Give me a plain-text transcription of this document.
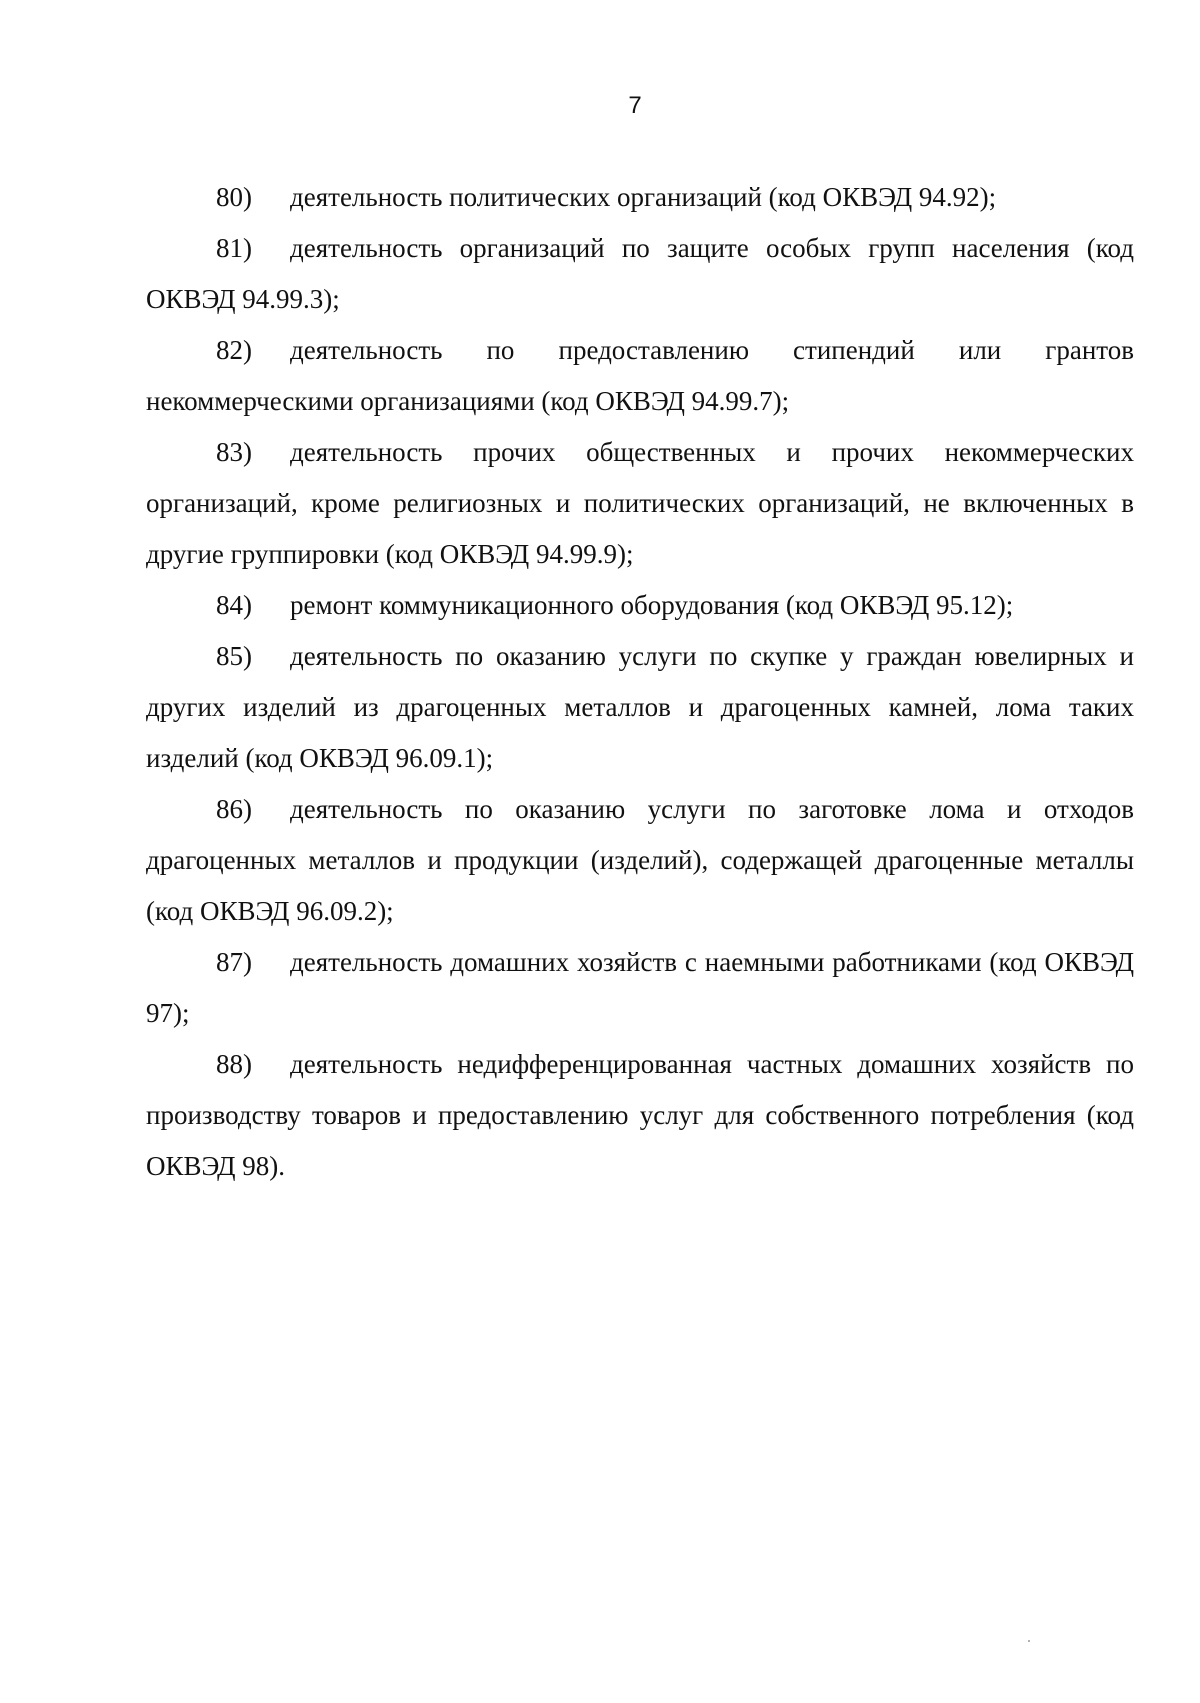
7

80) деятельность политических организаций (код ОКВЭД 94.92);

81) деятельность организаций по защите особых групп населения (код ОКВЭД 94.99.3);

82) деятельность по предоставлению стипендий или грантов некоммерческими организациями (код ОКВЭД 94.99.7);

83) деятельность прочих общественных и прочих некоммерческих организаций, кроме религиозных и политических организаций, не включенных в другие группировки (код ОКВЭД 94.99.9);

84) ремонт коммуникационного оборудования (код ОКВЭД 95.12);

85) деятельность по оказанию услуги по скупке у граждан ювелирных и других изделий из драгоценных металлов и драгоценных камней, лома таких изделий (код ОКВЭД 96.09.1);

86) деятельность по оказанию услуги по заготовке лома и отходов драгоценных металлов и продукции (изделий), содержащей драгоценные металлы (код ОКВЭД 96.09.2);

87) деятельность домашних хозяйств с наемными работниками (код ОКВЭД 97);

88) деятельность недифференцированная частных домашних хозяйств по производству товаров и предоставлению услуг для собственного потребления (код ОКВЭД 98).
